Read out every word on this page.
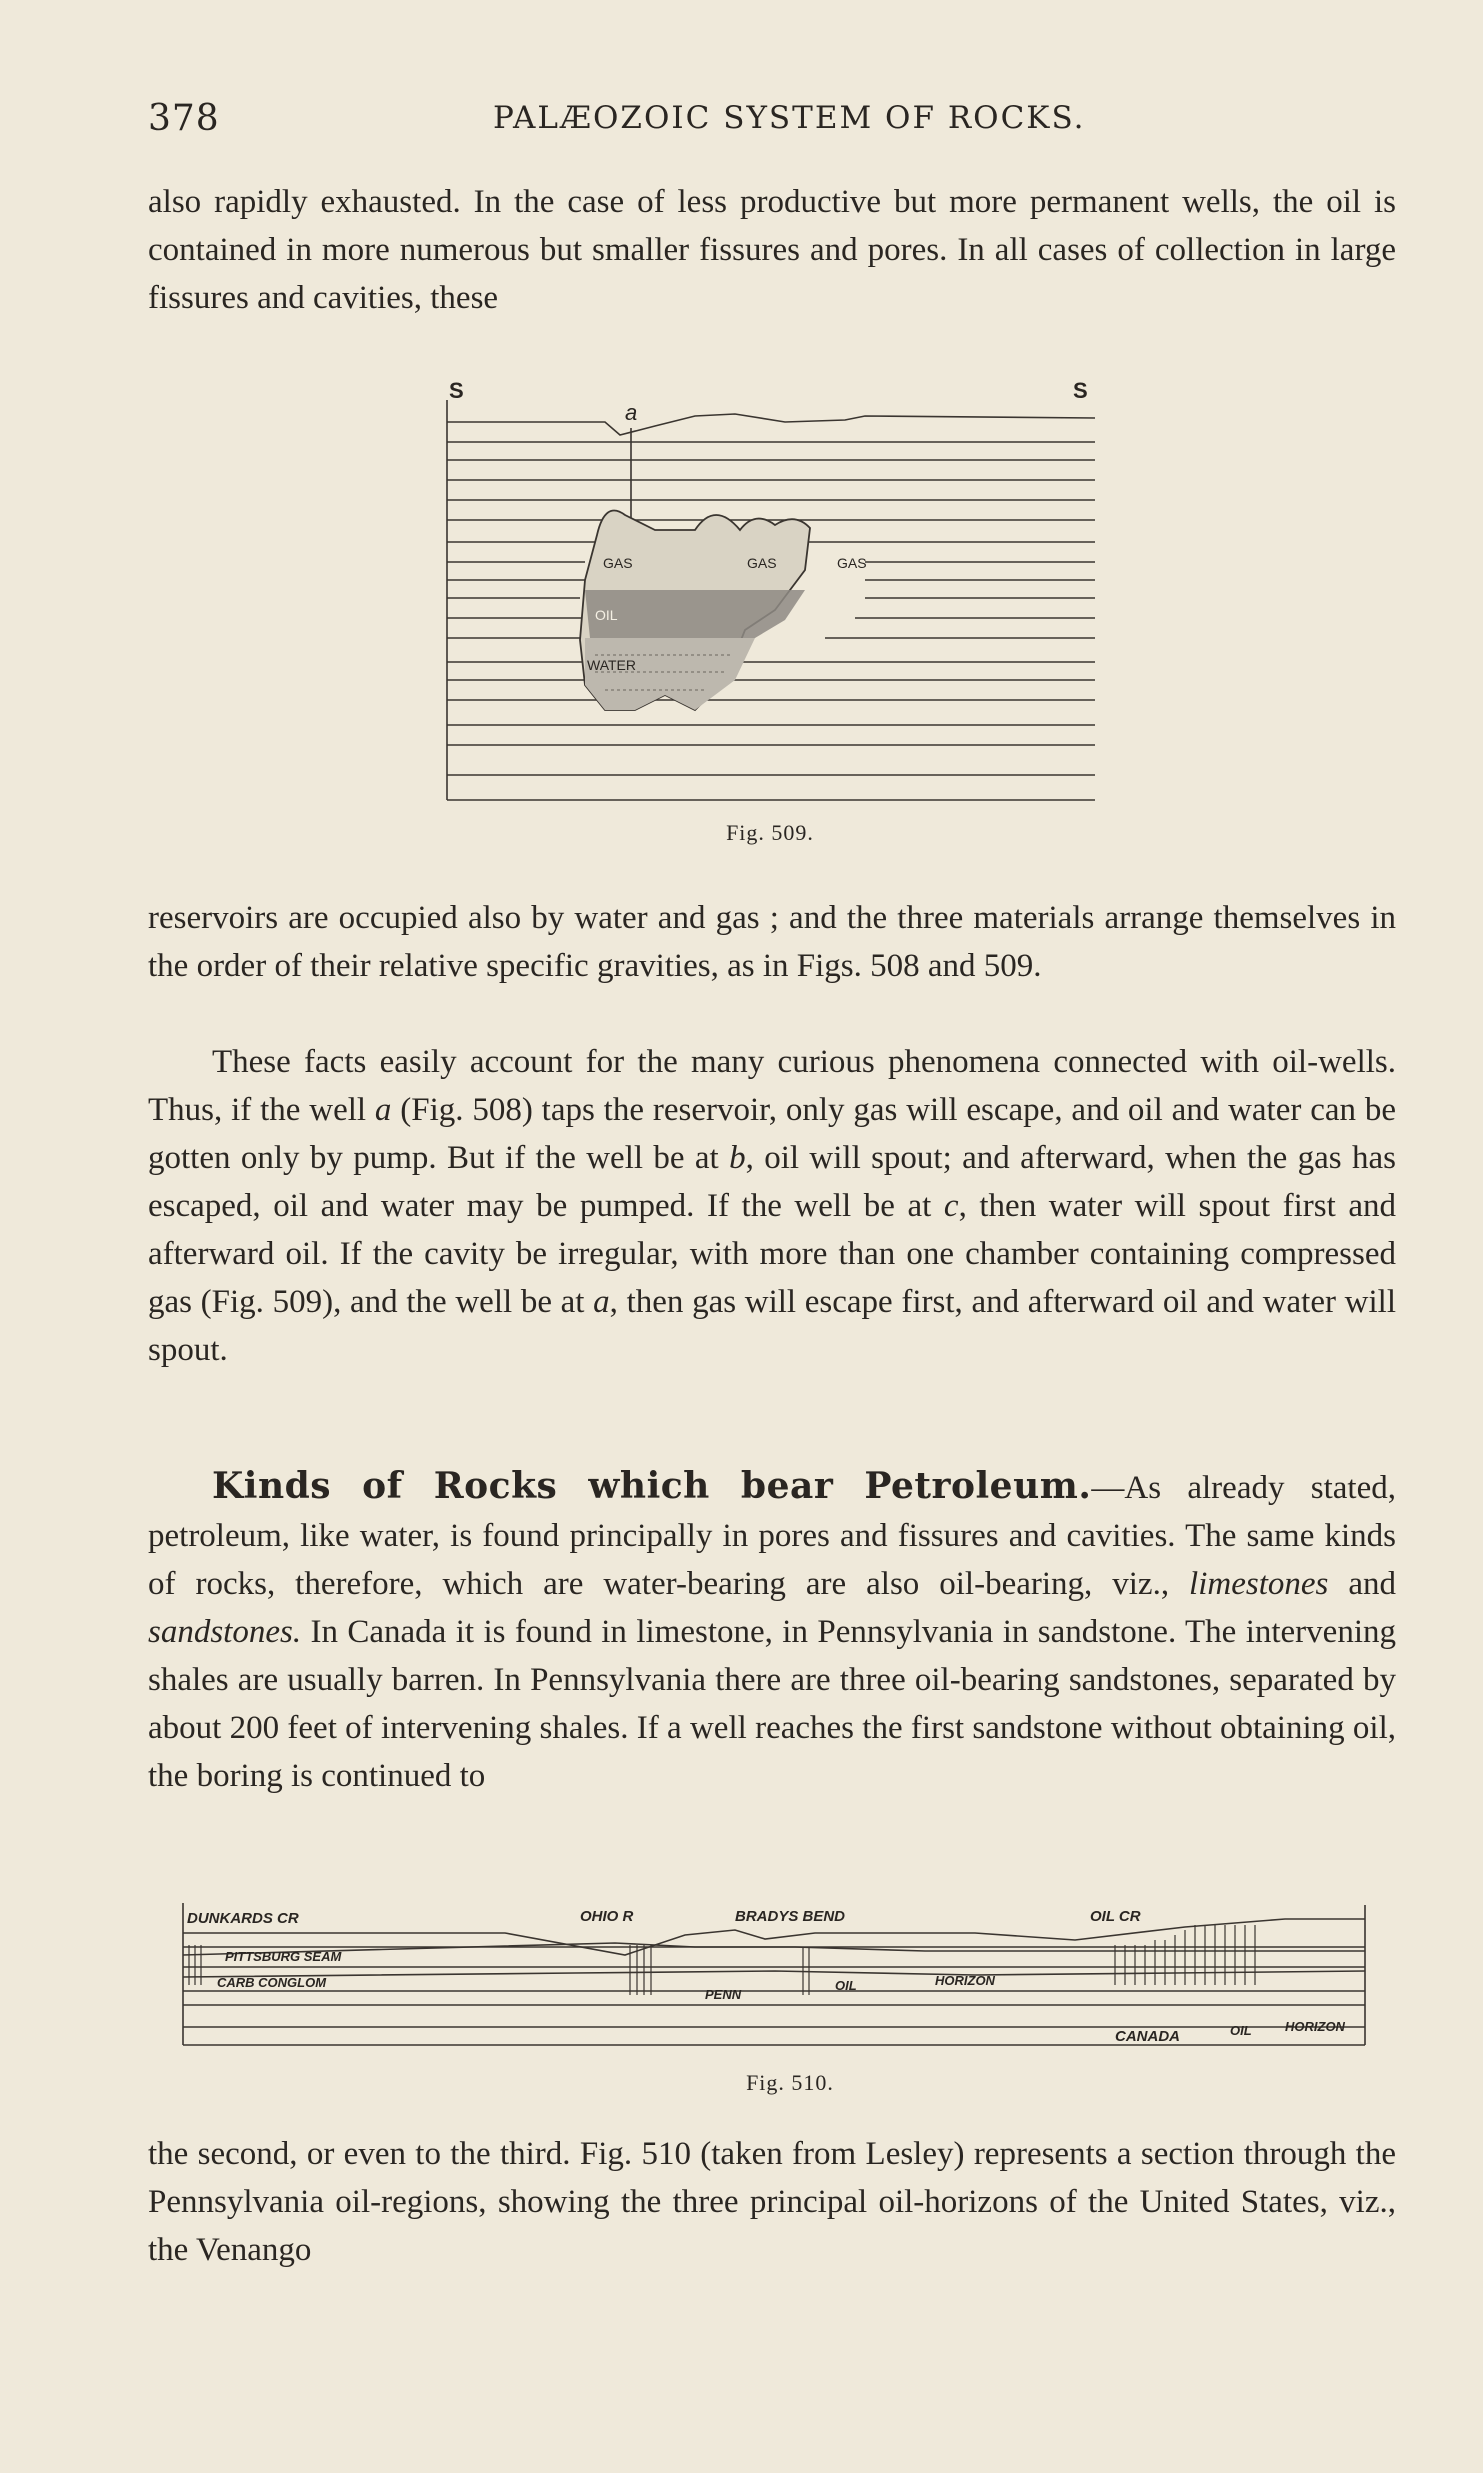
378	PALÆOZOIC SYSTEM OF ROCKS.

also rapidly exhausted. In the case of less productive but more permanent wells, the oil is contained in more numerous but smaller fissures and pores. In all cases of collection in large fissures and cavities, these

S	S
a
GAS	GAS	GAS
OIL
WATER
Fig. 509.

reservoirs are occupied also by water and gas ; and the three materials arrange themselves in the order of their relative specific gravities, as in Figs. 508 and 509.

These facts easily account for the many curious phenomena connected with oil-wells. Thus, if the well a (Fig. 508) taps the reservoir, only gas will escape, and oil and water can be gotten only by pump. But if the well be at b, oil will spout; and afterward, when the gas has escaped, oil and water may be pumped. If the well be at c, then water will spout first and afterward oil. If the cavity be irregular, with more than one chamber containing compressed gas (Fig. 509), and the well be at a, then gas will escape first, and afterward oil and water will spout.

Kinds of Rocks which bear Petroleum.—As already stated, petroleum, like water, is found principally in pores and fissures and cavities. The same kinds of rocks, therefore, which are water-bearing are also oil-bearing, viz., limestones and sandstones. In Canada it is found in limestone, in Pennsylvania in sandstone. The intervening shales are usually barren. In Pennsylvania there are three oil-bearing sandstones, separated by about 200 feet of intervening shales. If a well reaches the first sandstone without obtaining oil, the boring is continued to

DUNKARDS CR	OHIO R	BRADYS BEND	OIL CR
PITTSBURG SEAM
CARB CONGLOM
PENN
OIL	HORIZON
CANADA	OIL	HORIZON
Fig. 510.

the second, or even to the third. Fig. 510 (taken from Lesley) represents a section through the Pennsylvania oil-regions, showing the three principal oil-horizons of the United States, viz., the Venango
